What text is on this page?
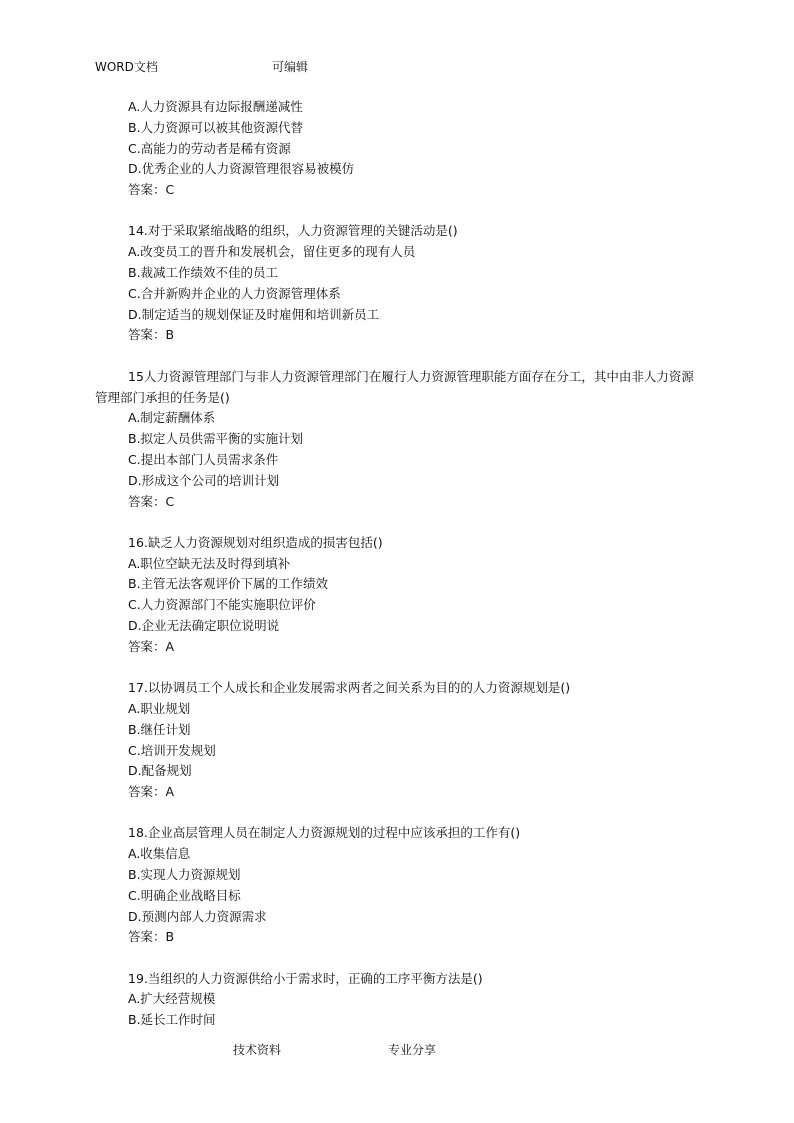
WORD文档	可编辑
A.人力资源具有边际报酬递减性
B.人力资源可以被其他资源代替
C.高能力的劳动者是稀有资源
D.优秀企业的人力资源管理很容易被模仿
答案：C
14.对于采取紧缩战略的组织，人力资源管理的关键活动是()
A.改变员工的晋升和发展机会，留住更多的现有人员
B.裁减工作绩效不佳的员工
C.合并新购并企业的人力资源管理体系
D.制定适当的规划保证及时雇佣和培训新员工
答案：B
15人力资源管理部门与非人力资源管理部门在履行人力资源管理职能方面存在分工，其中由非人力资源管理部门承担的任务是()
A.制定薪酬体系
B.拟定人员供需平衡的实施计划
C.提出本部门人员需求条件
D.形成这个公司的培训计划
答案：C
16.缺乏人力资源规划对组织造成的损害包括()
A.职位空缺无法及时得到填补
B.主管无法客观评价下属的工作绩效
C.人力资源部门不能实施职位评价
D.企业无法确定职位说明说
答案：A
17.以协调员工个人成长和企业发展需求两者之间关系为目的的人力资源规划是()
A.职业规划
B.继任计划
C.培训开发规划
D.配备规划
答案：A
18.企业高层管理人员在制定人力资源规划的过程中应该承担的工作有()
A.收集信息
B.实现人力资源规划
C.明确企业战略目标
D.预测内部人力资源需求
答案：B
19.当组织的人力资源供给小于需求时，正确的工序平衡方法是()
A.扩大经营规模
B.延长工作时间
技术资料	专业分享
